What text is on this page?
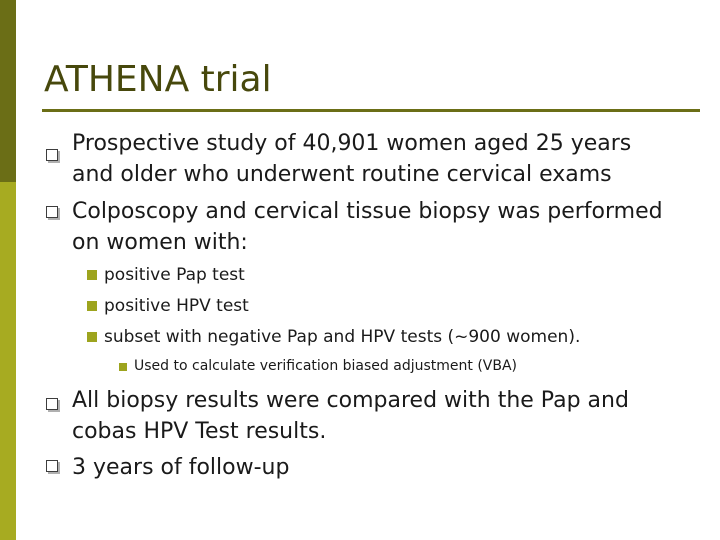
ATHENA trial
Prospective study of 40,901 women aged 25 years
and older who underwent routine cervical exams
Colposcopy and cervical tissue biopsy was performed
on women with:
positive Pap test
positive HPV test
subset with negative Pap and HPV tests (~900 women).
Used to calculate verification biased adjustment (VBA)
All biopsy results were compared with the Pap and
cobas HPV Test results.
3 years of follow-up
